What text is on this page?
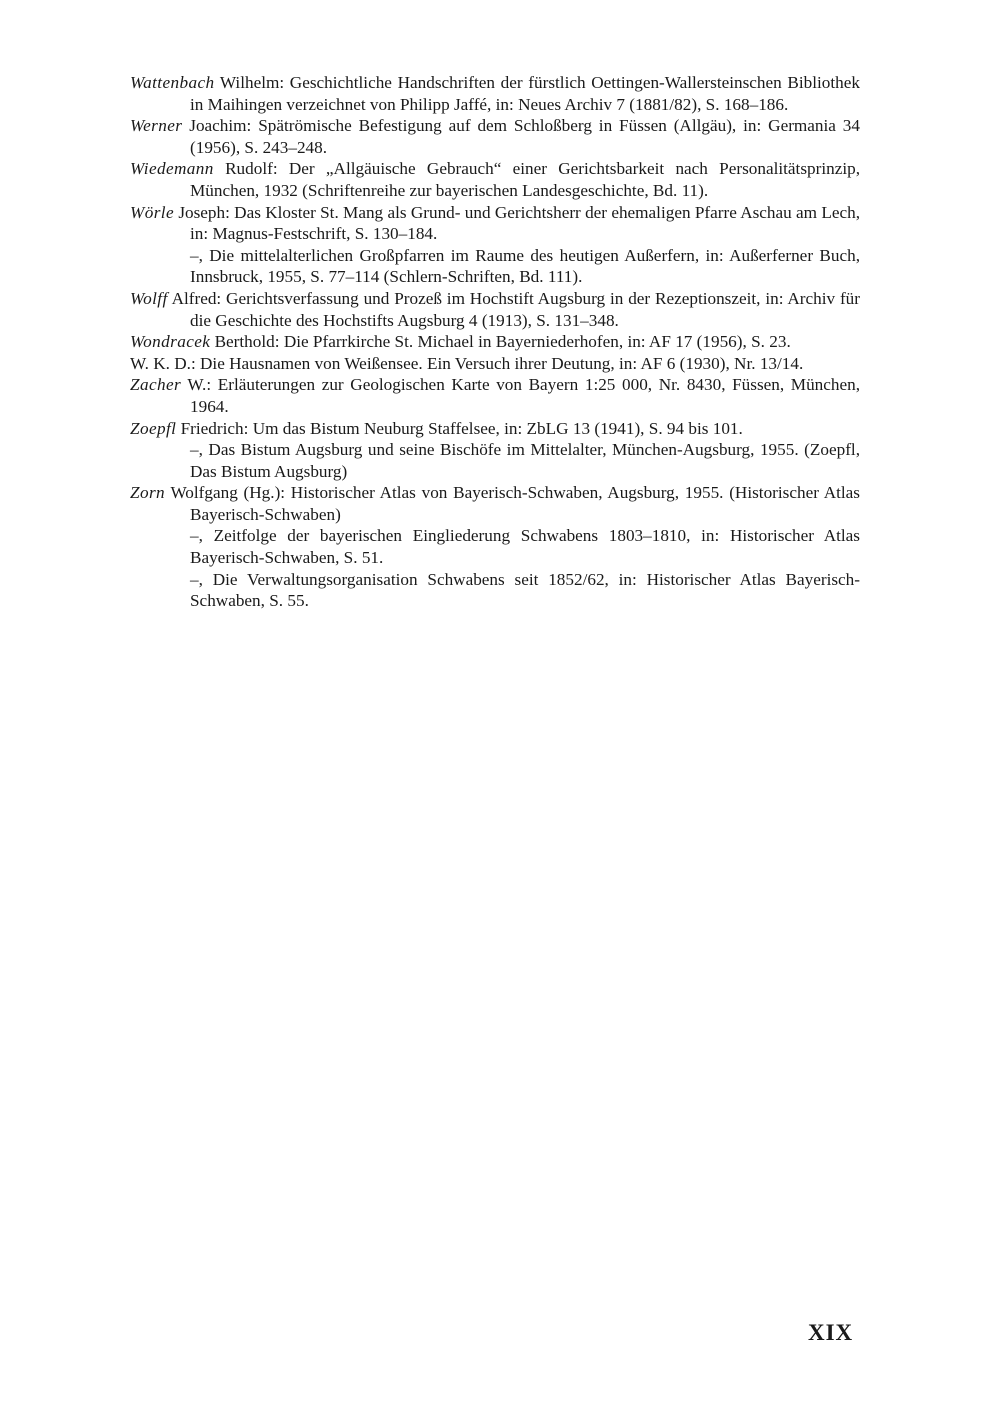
Wattenbach Wilhelm: Geschichtliche Handschriften der fürstlich Oettingen-Wallersteinschen Bibliothek in Maihingen verzeichnet von Philipp Jaffé, in: Neues Archiv 7 (1881/82), S. 168–186.

Werner Joachim: Spätrömische Befestigung auf dem Schloßberg in Füssen (Allgäu), in: Germania 34 (1956), S. 243–248.

Wiedemann Rudolf: Der „Allgäuische Gebrauch“ einer Gerichtsbarkeit nach Personalitätsprinzip, München, 1932 (Schriftenreihe zur bayerischen Landesgeschichte, Bd. 11).

Wörle Joseph: Das Kloster St. Mang als Grund- und Gerichtsherr der ehemaligen Pfarre Aschau am Lech, in: Magnus-Festschrift, S. 130–184.

–, Die mittelalterlichen Großpfarren im Raume des heutigen Außerfern, in: Außerferner Buch, Innsbruck, 1955, S. 77–114 (Schlern-Schriften, Bd. 111).

Wolff Alfred: Gerichtsverfassung und Prozeß im Hochstift Augsburg in der Rezeptionszeit, in: Archiv für die Geschichte des Hochstifts Augsburg 4 (1913), S. 131–348.

Wondracek Berthold: Die Pfarrkirche St. Michael in Bayerniederhofen, in: AF 17 (1956), S. 23.

W. K. D.: Die Hausnamen von Weißensee. Ein Versuch ihrer Deutung, in: AF 6 (1930), Nr. 13/14.

Zacher W.: Erläuterungen zur Geologischen Karte von Bayern 1:25 000, Nr. 8430, Füssen, München, 1964.

Zoepfl Friedrich: Um das Bistum Neuburg Staffelsee, in: ZbLG 13 (1941), S. 94 bis 101.

–, Das Bistum Augsburg und seine Bischöfe im Mittelalter, München-Augsburg, 1955. (Zoepfl, Das Bistum Augsburg)

Zorn Wolfgang (Hg.): Historischer Atlas von Bayerisch-Schwaben, Augsburg, 1955. (Historischer Atlas Bayerisch-Schwaben)

–, Zeitfolge der bayerischen Eingliederung Schwabens 1803–1810, in: Historischer Atlas Bayerisch-Schwaben, S. 51.

–, Die Verwaltungsorganisation Schwabens seit 1852/62, in: Historischer Atlas Bayerisch-Schwaben, S. 55.

XIX
